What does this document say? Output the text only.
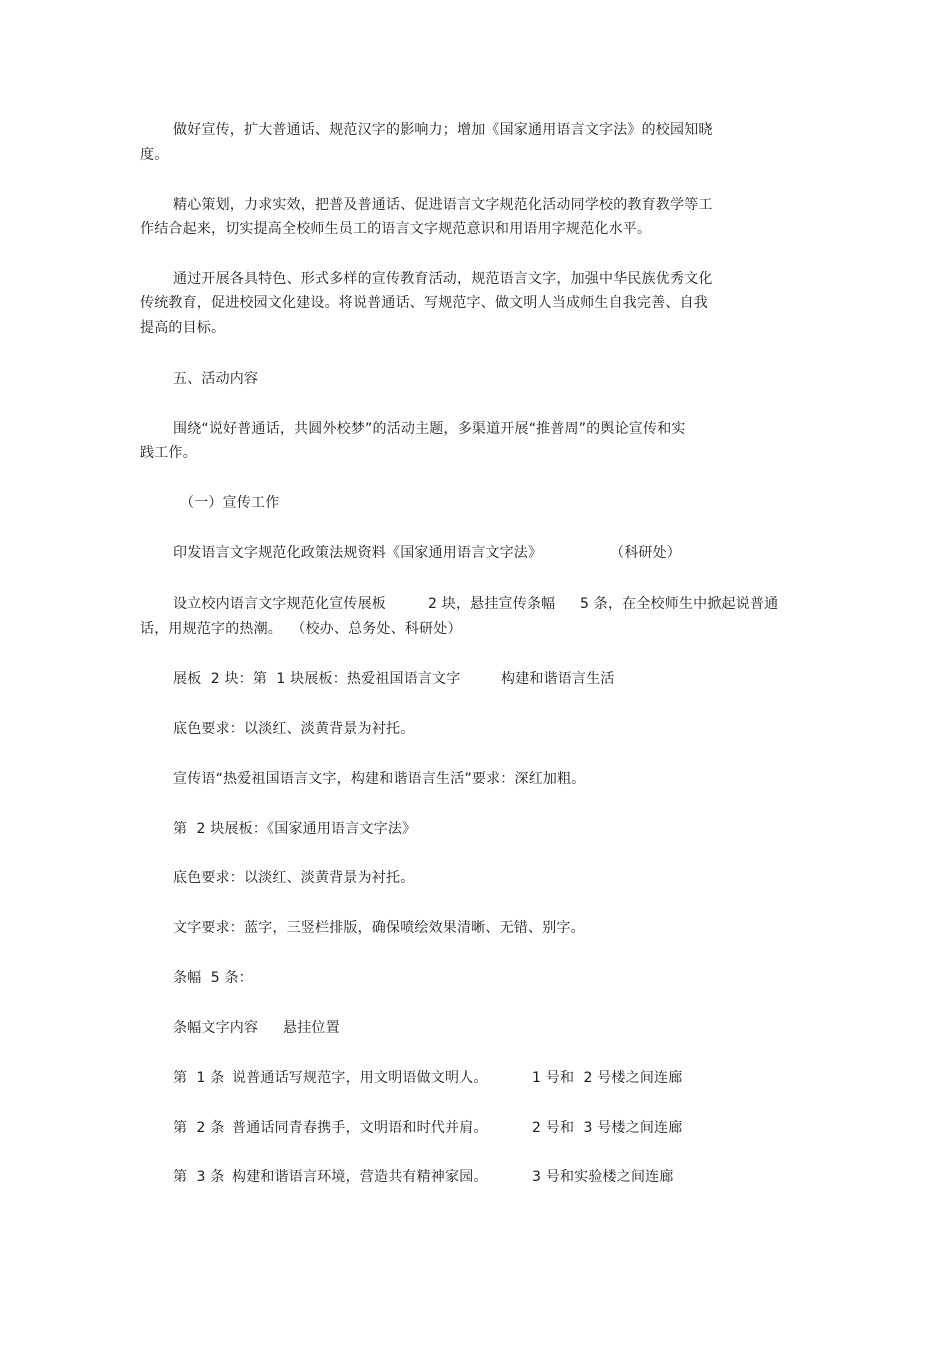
做好宣传，扩大普通话、规范汉字的影响力；增加《国家通用语言文字法》的校园知晓
度。
精心策划，力求实效，把普及普通话、促进语言文字规范化活动同学校的教育教学等工
作结合起来，切实提高全校师生员工的语言文字规范意识和用语用字规范化水平。
通过开展各具特色、形式多样的宣传教育活动，规范语言文字，加强中华民族优秀文化
传统教育，促进校园文化建设。将说普通话、写规范字、做文明人当成师生自我完善、自我
提高的目标。
五、活动内容
围绕“说好普通话，共圆外校梦”的活动主题，多渠道开展“推普周”的舆论宣传和实
践工作。
（一）宣传工作
印发语言文字规范化政策法规资料《国家通用语言文字法》	（科研处）
设立校内语言文字规范化宣传展板	2 块，悬挂宣传条幅 5 条，在全校师生中掀起说普通
话，用规范字的热潮。  （校办、总务处、科研处）
展板  2 块：第  1 块展板：热爱祖国语言文字	构建和谐语言生活
底色要求：以淡红、淡黄背景为衬托。
宣传语“热爱祖国语言文字，构建和谐语言生活”要求：深红加粗。
第  2 块展板：《国家通用语言文字法》
底色要求：以淡红、淡黄背景为衬托。
文字要求：蓝字，三竖栏排版，确保喷绘效果清晰、无错、别字。
条幅  5 条：
条幅文字内容 悬挂位置
第  1 条 说普通话写规范字，用文明语做文明人。	1 号和  2 号楼之间连廊
第  2 条 普通话同青春携手，文明语和时代并肩。	2 号和  3 号楼之间连廊
第  3 条 构建和谐语言环境，营造共有精神家园。	3 号和实验楼之间连廊
